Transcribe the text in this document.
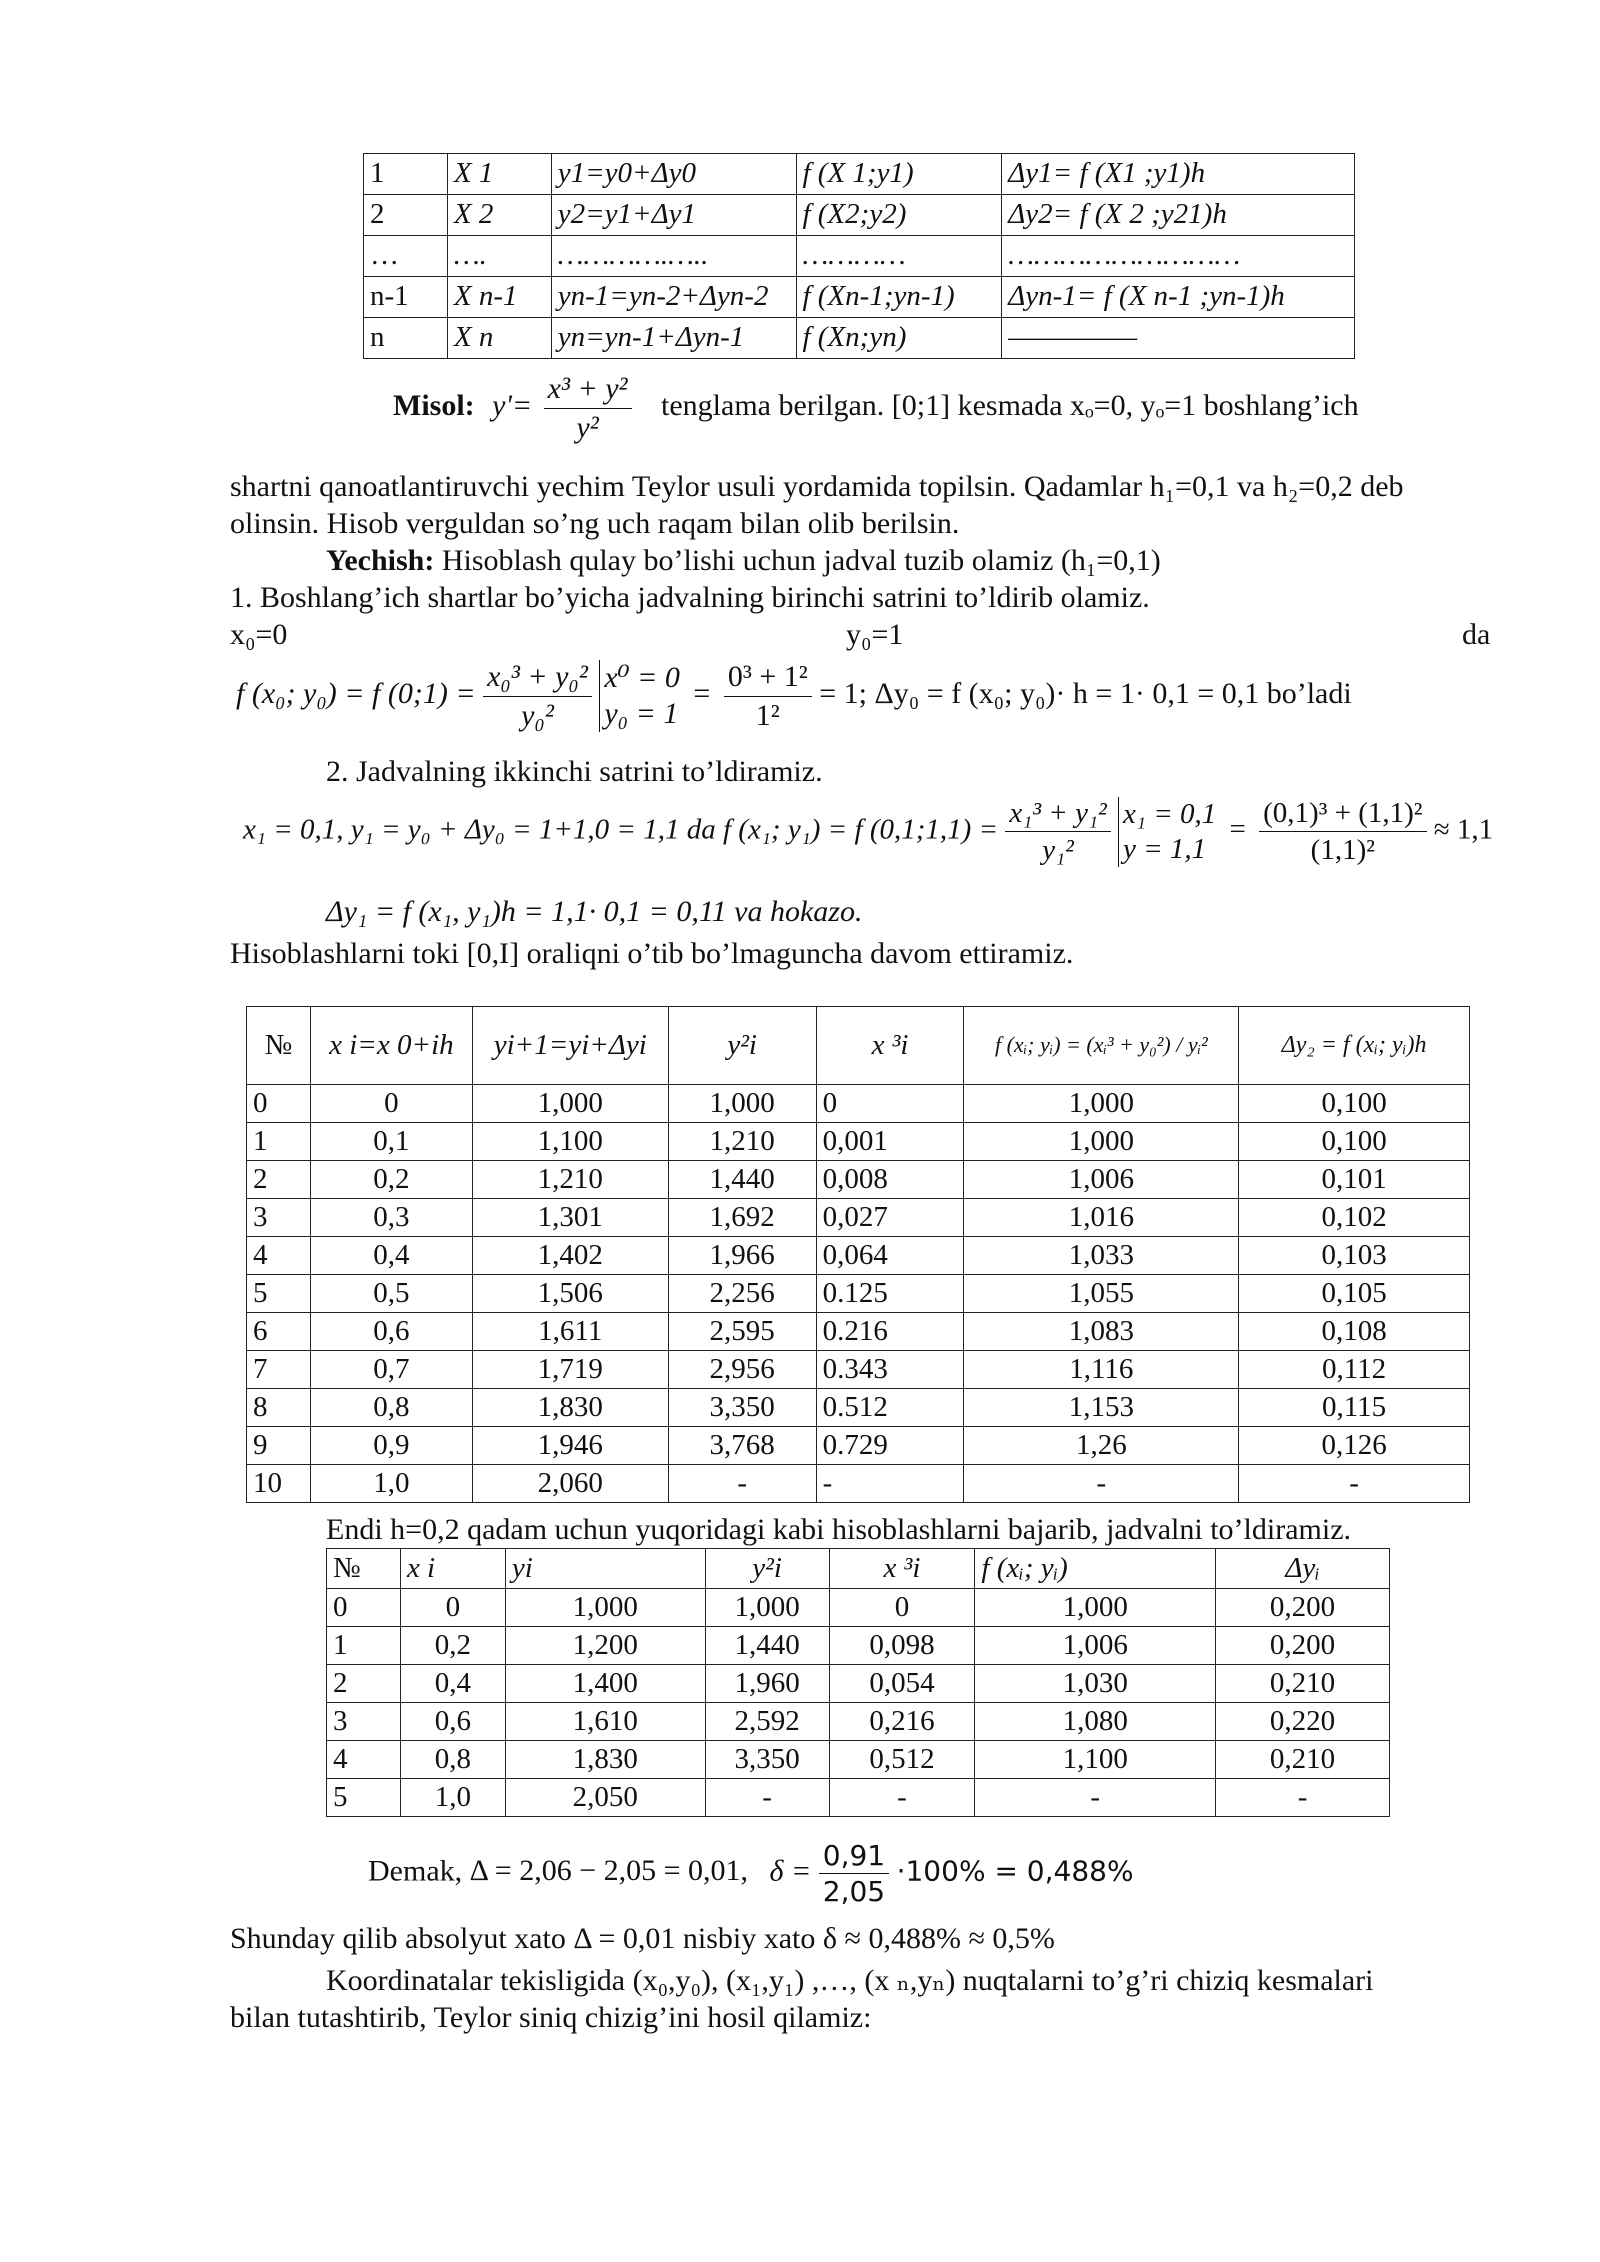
1	X 1	y1=y0+Δy0	f (X 1;y1)	Δy1= f (X1 ;y1)h
2	X 2	y2=y1+Δy1	f (X2;y2)	Δy2= f (X 2 ;y21)h
…	….	………….…..	…………	………………………
n-1	X n-1	yn-1=yn-2+Δyn-2	f (Xn-1;yn-1)	Δyn-1= f (X n-1 ;yn-1)h
n	X n	yn=yn-1+Δyn-1	f (Xn;yn)	—————
Misol: $y'= \frac{\text{x³ + y²}}{\text{y²}}$ tenglama berilgan. [0;1] kesmada xₒ=0, yₒ=1 boshlang’ich
shartni qanoatlantiruvchi yechim Teylor usuli yordamida topilsin. Qadamlar h₁=0,1 va h₂=0,2 deb
olinsin. Hisob verguldan so’ng uch raqam bilan olib berilsin.
Yechish: Hisoblash qulay bo’lishi uchun jadval tuzib olamiz (h₁=0,1)
1. Boshlang’ich shartlar bo’yicha jadvalning birinchi satrini to’ldirib olamiz.
x₀=0	y₀=1	da
f (x₀; y₀) = f (0;1) = $\frac{\text{x₀³ + y₀²}}{\text{y₀²}} x^0 = 0$
$y_0 = 1 = \frac{\text{0³ + 1²}}{\text{1²}} = 1$; Δy₀ = f (x₀; y₀)· h = 1· 0,1 = 0,1 bo’ladi
2. Jadvalning ikkinchi satrini to’ldiramiz.
x₁ = 0,1, y₁ = y₀ + Δy₀ = 1+1,0 = 1,1 da f (x₁; y₁) = f (0,1;1,1) = $\frac{\text{x₁³ + y₁²}}{\text{y₁²}} x_1 = 0,1$
$y = 1,1 = \frac{\text{(0,1)³ + (1,1)²}}{\text{(1,1)²}} \approx 1,1$
Δy₁ = f (x₁, y₁)h = 1,1· 0,1 = 0,11 va hokazo.
Hisoblashlarni toki [0,I] oraliqni o’tib bo’lmaguncha davom ettiramiz.
№	x i=x 0+ih	yi+1=yi+Δyi	y²i	x ³i	f (xᵢ; yᵢ) = (xᵢ³ + y₀²) / yᵢ²	Δy₂ = f (xᵢ; yᵢ)h
0	0	1,000	1,000	0	1,000	0,100
1	0,1	1,100	1,210	0,001	1,000	0,100
2	0,2	1,210	1,440	0,008	1,006	0,101
3	0,3	1,301	1,692	0,027	1,016	0,102
4	0,4	1,402	1,966	0,064	1,033	0,103
5	0,5	1,506	2,256	0.125	1,055	0,105
6	0,6	1,611	2,595	0.216	1,083	0,108
7	0,7	1,719	2,956	0.343	1,116	0,112
8	0,8	1,830	3,350	0.512	1,153	0,115
9	0,9	1,946	3,768	0.729	1,26	0,126
10	1,0	2,060	-	-	-	-
Endi h=0,2 qadam uchun yuqoridagi kabi hisoblashlarni bajarib, jadvalni to’ldiramiz.
№	x i	yi	y²i	x ³i	f (xᵢ; yᵢ)	Δyᵢ
0	0	1,000	1,000	0	1,000	0,200
1	0,2	1,200	1,440	0,098	1,006	0,200
2	0,4	1,400	1,960	0,054	1,030	0,210
3	0,6	1,610	2,592	0,216	1,080	0,220
4	0,8	1,830	3,350	0,512	1,100	0,210
5	1,0	2,050	-	-	-	-
Demak, Δ = 2,06 − 2,05 = 0,01, $\delta = \frac{0,91}{2,05} \cdot 100\% = 0,488\%$
Shunday qilib absolyut xato Δ = 0,01 nisbiy xato δ ≈ 0,488% ≈ 0,5%
Koordinatalar tekisligida (x₀,y₀), (x₁,y₁) ,…, (x ₙ,yₙ) nuqtalarni to’g’ri chiziq kesmalari
bilan tutashtirib, Teylor siniq chizig’ini hosil qilamiz:
